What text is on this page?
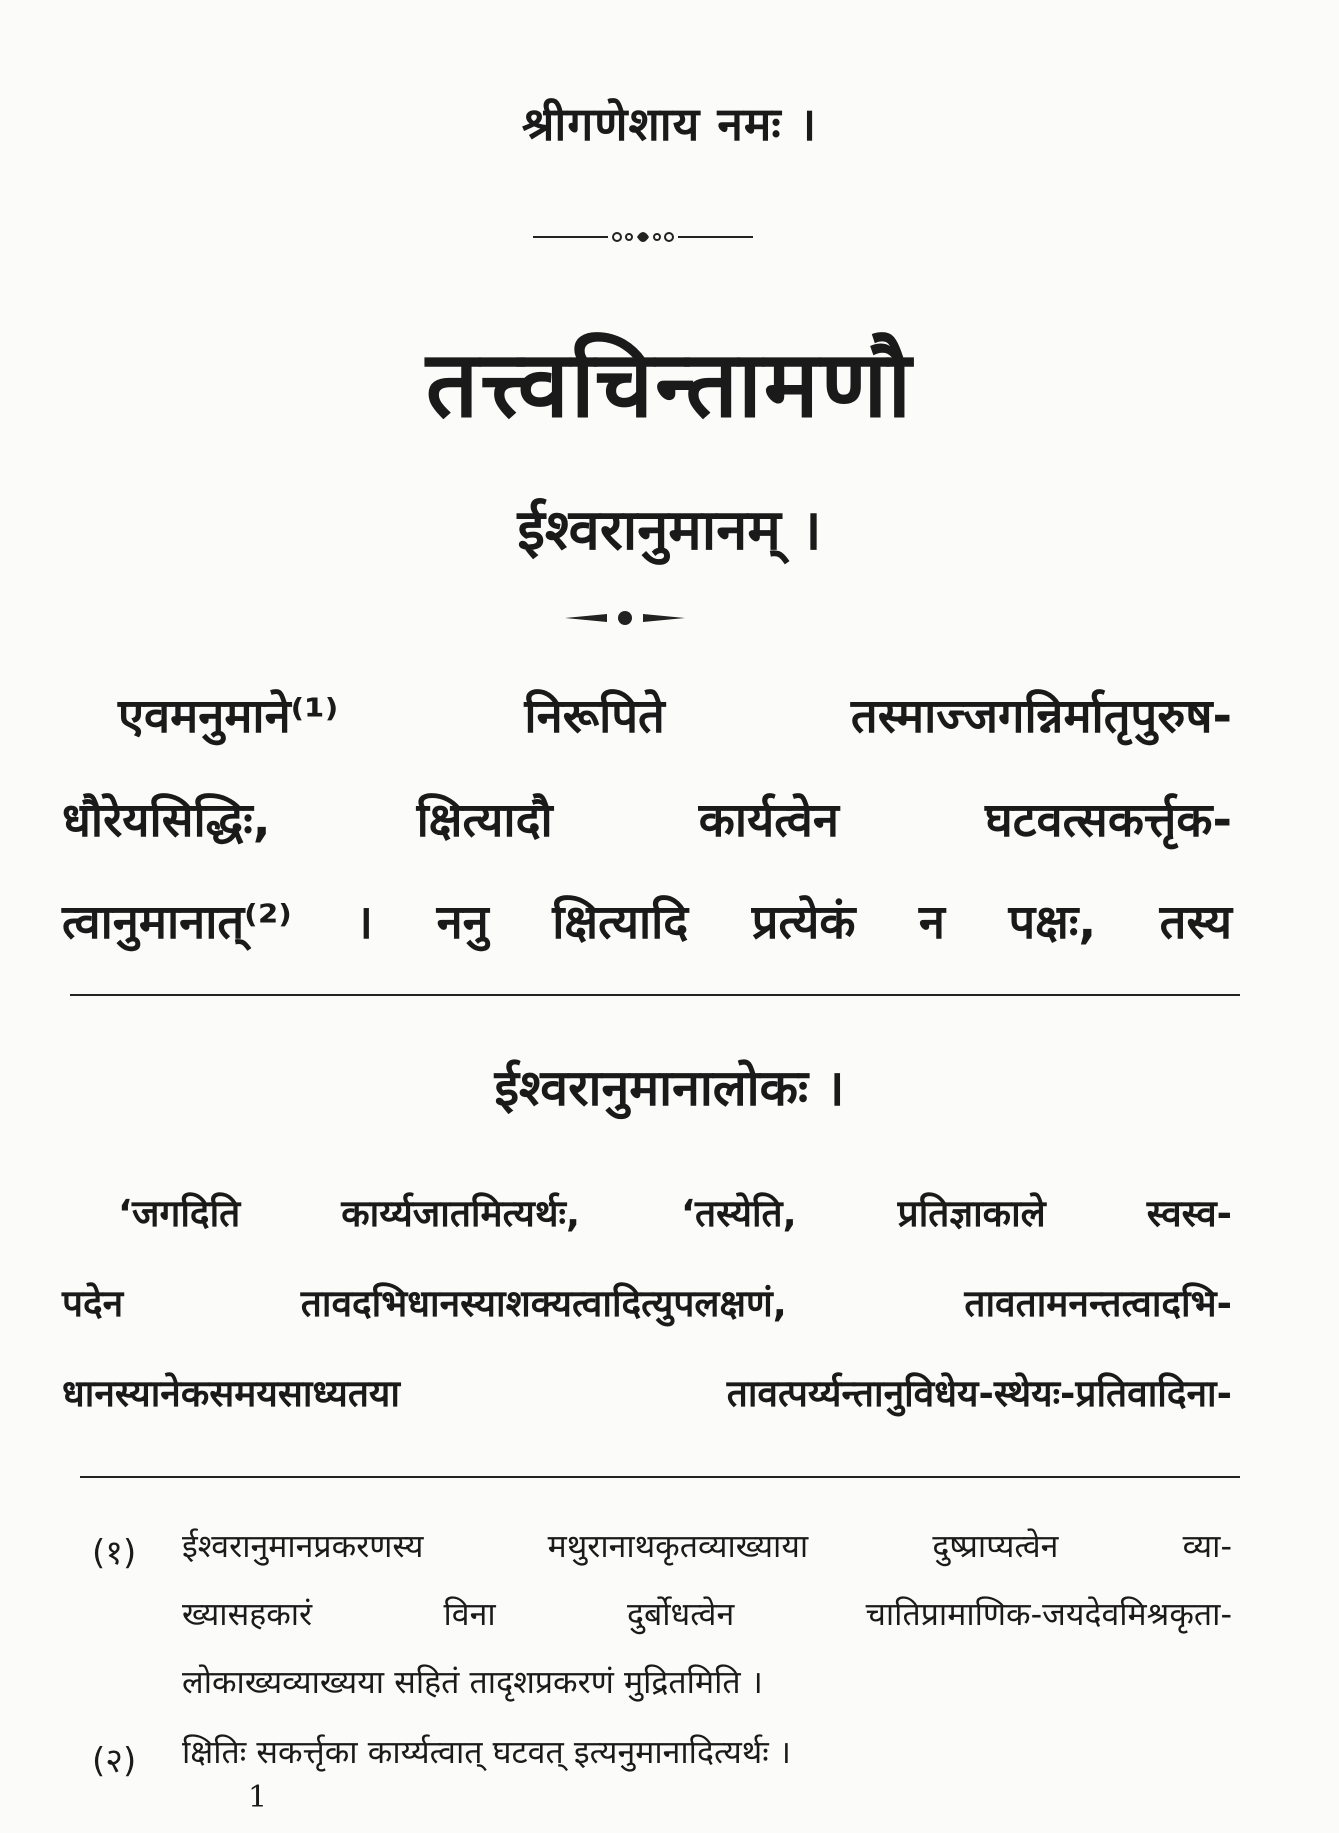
श्रीगणेशाय नमः ।
तत्त्वचिन्तामणौ
ईश्वरानुमानम् ।
एवमनुमाने⁽¹⁾ निरूपिते तस्माज्जगन्निर्मातृपुरुष-
धौरेयसिद्धिः, क्षित्यादौ कार्यत्वेन घटवत्सकर्त्तृक-
त्वानुमानात्⁽²⁾ । ननु क्षित्यादि प्रत्येकं न पक्षः, तस्य
ईश्वरानुमानालोकः ।
‘जगदिति कार्य्यजातमित्यर्थः, ‘तस्येति, प्रतिज्ञाकाले स्वस्व-
पदेन तावदभिधानस्याशक्यत्वादित्युपलक्षणं, तावतामनन्तत्वादभि-
धानस्यानेकसमयसाध्यतया तावत्पर्य्यन्तानुविधेय-स्थेयः-प्रतिवादिना-
(१) ईश्वरानुमानप्रकरणस्य मथुरानाथकृतव्याख्याया दुष्प्राप्यत्वेन व्या-
ख्यासहकारं विना दुर्बोधत्वेन चातिप्रामाणिक-जयदेवमिश्रकृता-
लोकाख्यव्याख्यया सहितं तादृशप्रकरणं मुद्रितमिति ।
(२) क्षितिः सकर्त्तृका कार्य्यत्वात् घटवत् इत्यनुमानादित्यर्थः ।
1
